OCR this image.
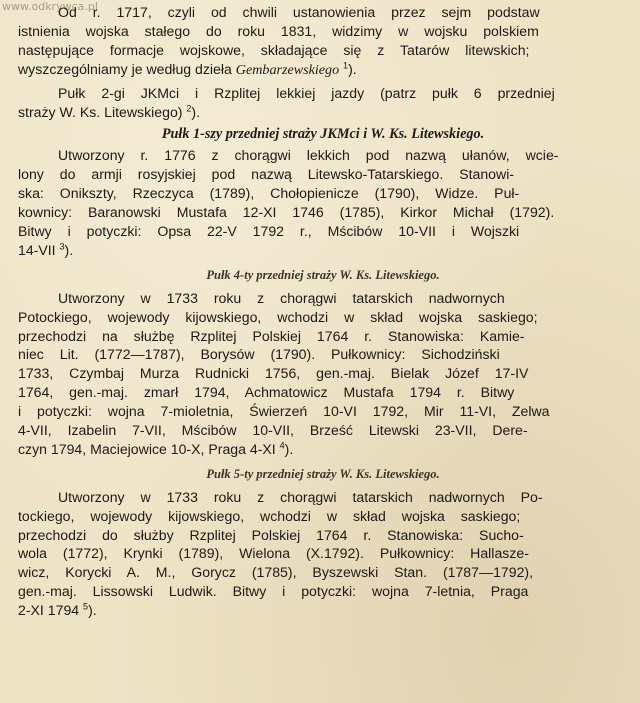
www.odkrywca.pl
Od r. 1717, czyli od chwili ustanowienia przez sejm podstaw
istnienia wojska stałego do roku 1831, widzimy w wojsku polskiem
następujące formacje wojskowe, składające się z Tatarów litewskich;
wyszczególniamy je według dzieła Gembarzewskiego $^1$).
Pułk 2-gi JKMci i Rzplitej lekkiej jazdy (patrz pułk 6 przedniej
straży W. Ks. Litewskiego) $^2$).
Pułk 1-szy przedniej straży JKMci i W. Ks. Litewskiego.
Utworzony r. 1776 z chorągwi lekkich pod nazwą ułanów, wcie-
lony do armji rosyjskiej pod nazwą Litewsko-Tatarskiego. Stanowi-
ska: Onikszty, Rzeczyca (1789), Chołopienicze (1790), Widze. Puł-
kownicy: Baranowski Mustafa 12-XI 1746 (1785), Kirkor Michał (1792).
Bitwy i potyczki: Opsa 22-V 1792 r., Mścibów 10-VII i Wojszki
14-VII $^3$).
Pułk 4-ty przedniej straży W. Ks. Litewskiego.
Utworzony w 1733 roku z chorągwi tatarskich nadwornych
Potockiego, wojewody kijowskiego, wchodzi w skład wojska saskiego;
przechodzi na służbę Rzplitej Polskiej 1764 r. Stanowiska: Kamie-
niec Lit. (1772—1787), Borysów (1790). Pułkownicy: Sichodziński
1733, Czymbaj Murza Rudnicki 1756, gen.-maj. Bielak Józef 17-IV
1764, gen.-maj. zmarł 1794, Achmatowicz Mustafa 1794 r. Bitwy
i potyczki: wojna 7-mioletnia, Świerzeń 10-VI 1792, Mir 11-VI, Zelwa
4-VII, Izabelin 7-VII, Mścibów 10-VII, Brześć Litewski 23-VII, Dere-
czyn 1794, Maciejowice 10-X, Praga 4-XI $^4$).
Pułk 5-ty przedniej straży W. Ks. Litewskiego.
Utworzony w 1733 roku z chorągwi tatarskich nadwornych Po-
tockiego, wojewody kijowskiego, wchodzi w skład wojska saskiego;
przechodzi do służby Rzplitej Polskiej 1764 r. Stanowiska: Sucho-
wola (1772), Krynki (1789), Wielona (X.1792). Pułkownicy: Hallasze-
wicz, Korycki A. M., Gorycz (1785), Byszewski Stan. (1787—1792),
gen.-maj. Lissowski Ludwik. Bitwy i potyczki: wojna 7-letnia, Praga
2-XI 1794 $^5$).
